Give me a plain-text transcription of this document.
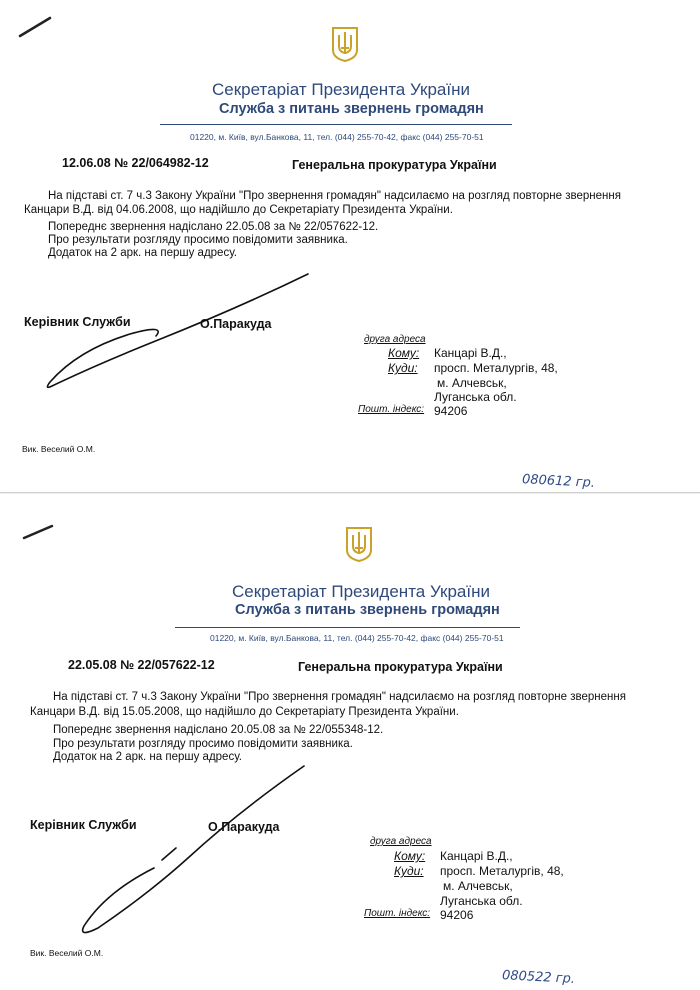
Секретаріат Президента України
Служба з питань звернень громадян
01220, м. Київ, вул.Банкова, 11, тел. (044) 255-70-42, факс (044) 255-70-51
12.06.08 № 22/064982-12	Генеральна прокуратура України
На підставі ст. 7 ч.3 Закону України "Про звернення громадян" надсилаємо на розгляд повторне звернення
Канцари В.Д. від 04.06.2008, що надійшло до Секретаріату Президента України.
Попереднє звернення надіслано 22.05.08 за № 22/057622-12.
Про результати розгляду просимо повідомити заявника.
Додаток на 2 арк. на першу адресу.
Керівник Служби	О.Паракуда
друга адреса
Кому: Канцарі В.Д.,
Куди: просп. Металургів, 48,
м. Алчевськ,
Луганська обл.
Пошт. індекс: 94206
Вик. Веселий О.М.
080612 гр.
Секретаріат Президента України
Служба з питань звернень громадян
01220, м. Київ, вул.Банкова, 11, тел. (044) 255-70-42, факс (044) 255-70-51
22.05.08 № 22/057622-12	Генеральна прокуратура України
На підставі ст. 7 ч.3 Закону України "Про звернення громадян" надсилаємо на розгляд повторне звернення
Канцари В.Д. від 15.05.2008, що надійшло до Секретаріату Президента України.
Попереднє звернення надіслано 20.05.08 за № 22/055348-12.
Про результати розгляду просимо повідомити заявника.
Додаток на 2 арк. на першу адресу.
Керівник Служби	О.Паракуда
друга адреса
Кому: Канцарі В.Д.,
Куди: просп. Металургів, 48,
м. Алчевськ,
Луганська обл.
Пошт. індекс: 94206
Вик. Веселий О.М.
080522 гр.
